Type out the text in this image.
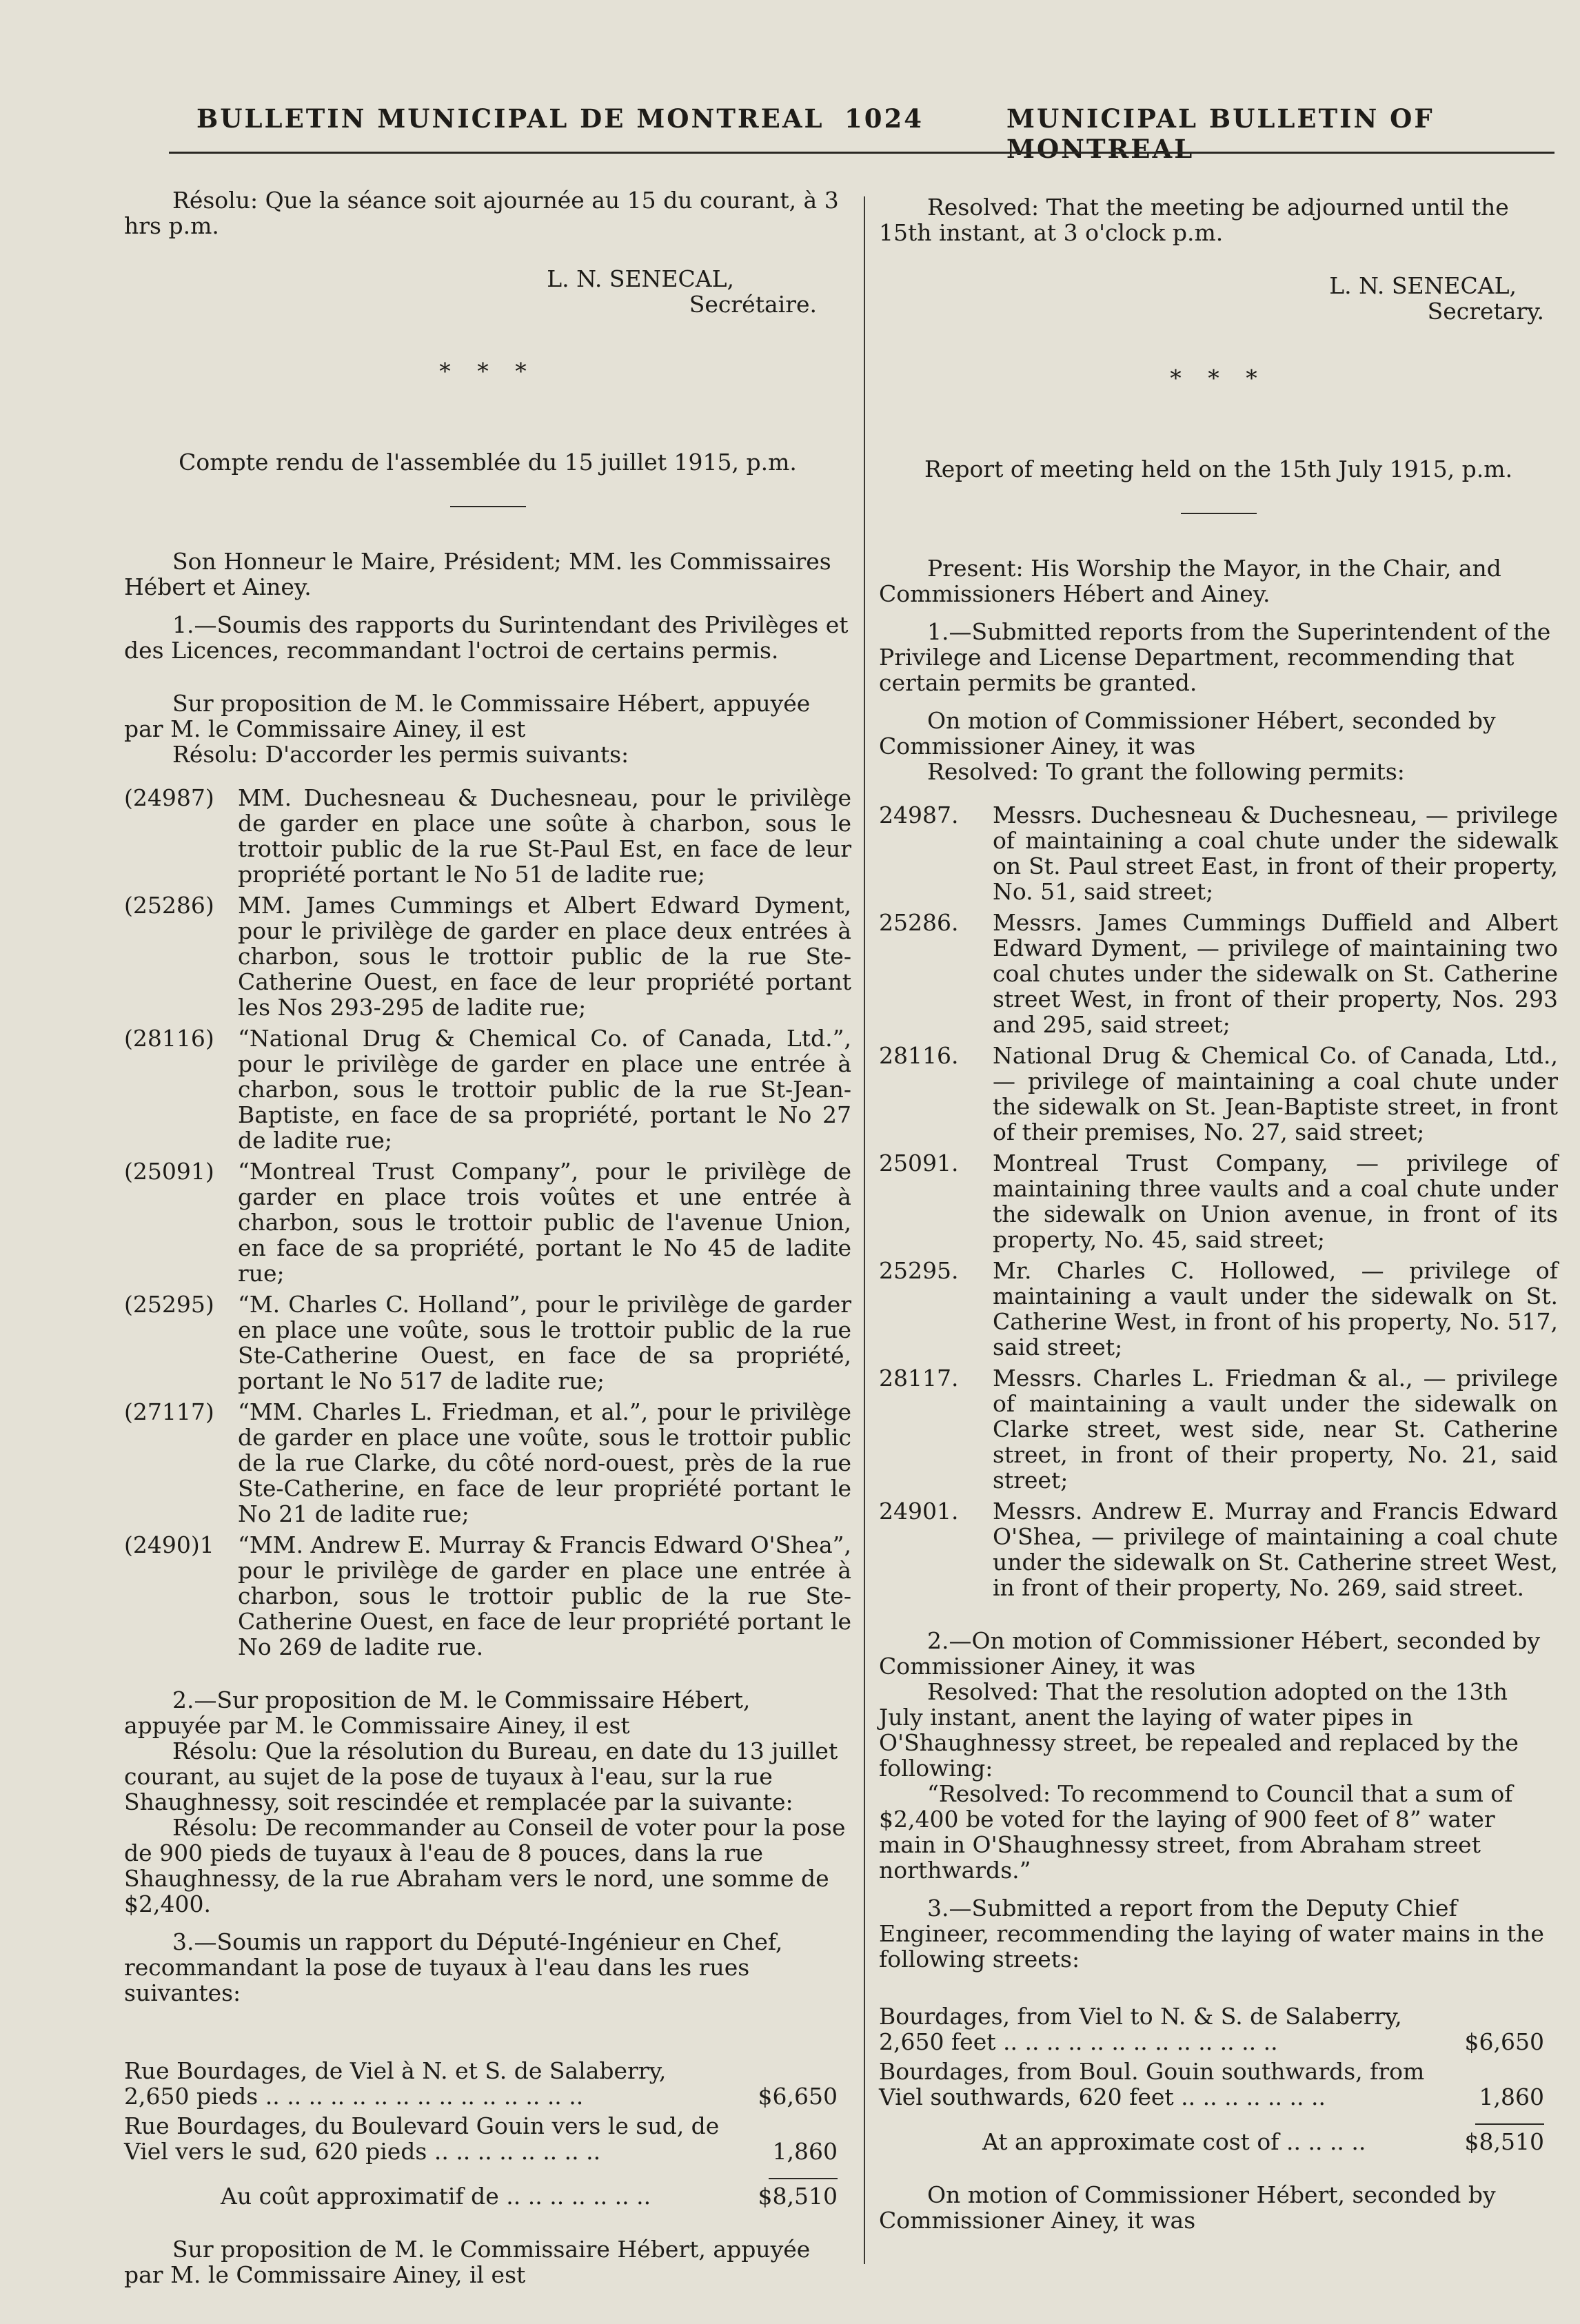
BULLETIN MUNICIPAL DE MONTREAL 1024	MUNICIPAL BULLETIN OF MONTREAL

Résolu: Que la séance soit ajournée au 15 du courant, à 3 hrs p.m.

L. N. SENECAL,

Secrétaire.

* * *

Compte rendu de l'assemblée du 15 juillet 1915, p.m.

Son Honneur le Maire, Président; MM. les Commissaires Hébert et Ainey.

1.—Soumis des rapports du Surintendant des Privilèges et des Licences, recommandant l'octroi de certains permis.

Sur proposition de M. le Commissaire Hébert, appuyée par M. le Commissaire Ainey, il est

Résolu: D'accorder les permis suivants:

(24987)	MM. Duchesneau & Duchesneau, pour le privilège de garder en place une soûte à charbon, sous le trottoir public de la rue St-Paul Est, en face de leur propriété portant le No 51 de ladite rue;
(25286)	MM. James Cummings et Albert Edward Dyment, pour le privilège de garder en place deux entrées à charbon, sous le trottoir public de la rue Ste-Catherine Ouest, en face de leur propriété portant les Nos 293-295 de ladite rue;
(28116)	“National Drug & Chemical Co. of Canada, Ltd.”, pour le privilège de garder en place une entrée à charbon, sous le trottoir public de la rue St-Jean-Baptiste, en face de sa propriété, portant le No 27 de ladite rue;
(25091)	“Montreal Trust Company”, pour le privilège de garder en place trois voûtes et une entrée à charbon, sous le trottoir public de l'avenue Union, en face de sa propriété, portant le No 45 de ladite rue;
(25295)	“M. Charles C. Holland”, pour le privilège de garder en place une voûte, sous le trottoir public de la rue Ste-Catherine Ouest, en face de sa propriété, portant le No 517 de ladite rue;
(27117)	“MM. Charles L. Friedman, et al.”, pour le privilège de garder en place une voûte, sous le trottoir public de la rue Clarke, du côté nord-ouest, près de la rue Ste-Catherine, en face de leur propriété portant le No 21 de ladite rue;
(2490)1	“MM. Andrew E. Murray & Francis Edward O'Shea”, pour le privilège de garder en place une entrée à charbon, sous le trottoir public de la rue Ste-Catherine Ouest, en face de leur propriété portant le No 269 de ladite rue.

2.—Sur proposition de M. le Commissaire Hébert, appuyée par M. le Commissaire Ainey, il est

Résolu: Que la résolution du Bureau, en date du 13 juillet courant, au sujet de la pose de tuyaux à l'eau, sur la rue Shaughnessy, soit rescindée et remplacée par la suivante:

Résolu: De recommander au Conseil de voter pour la pose de 900 pieds de tuyaux à l'eau de 8 pouces, dans la rue Shaughnessy, de la rue Abraham vers le nord, une somme de $2,400.

3.—Soumis un rapport du Député-Ingénieur en Chef, recommandant la pose de tuyaux à l'eau dans les rues suivantes:

Rue Bourdages, de Viel à N. et S. de Salaberry, 2,650 pieds .. .. .. .. .. .. .. .. .. .. .. .. .. .. ..	$6,650
Rue Bourdages, du Boulevard Gouin vers le sud, de Viel vers le sud, 620 pieds .. .. .. .. .. .. .. ..	1,860
Au coût approximatif de .. .. .. .. .. .. ..	$8,510

Sur proposition de M. le Commissaire Hébert, appuyée par M. le Commissaire Ainey, il est

Resolved: That the meeting be adjourned until the 15th instant, at 3 o'clock p.m.

L. N. SENECAL,

Secretary.

* * *

Report of meeting held on the 15th July 1915, p.m.

Present: His Worship the Mayor, in the Chair, and Commissioners Hébert and Ainey.

1.—Submitted reports from the Superintendent of the Privilege and License Department, recommending that certain permits be granted.

On motion of Commissioner Hébert, seconded by Commissioner Ainey, it was

Resolved: To grant the following permits:

24987.	Messrs. Duchesneau & Duchesneau, — privilege of maintaining a coal chute under the sidewalk on St. Paul street East, in front of their property, No. 51, said street;
25286.	Messrs. James Cummings Duffield and Albert Edward Dyment, — privilege of maintaining two coal chutes under the sidewalk on St. Catherine street West, in front of their property, Nos. 293 and 295, said street;
28116.	National Drug & Chemical Co. of Canada, Ltd.,— privilege of maintaining a coal chute under the sidewalk on St. Jean-Baptiste street, in front of their premises, No. 27, said street;
25091.	Montreal Trust Company, — privilege of maintaining three vaults and a coal chute under the sidewalk on Union avenue, in front of its property, No. 45, said street;
25295.	Mr. Charles C. Hollowed, — privilege of maintaining a vault under the sidewalk on St. Catherine West, in front of his property, No. 517, said street;
28117.	Messrs. Charles L. Friedman & al., — privilege of maintaining a vault under the sidewalk on Clarke street, west side, near St. Catherine street, in front of their property, No. 21, said street;
24901.	Messrs. Andrew E. Murray and Francis Edward O'Shea, — privilege of maintaining a coal chute under the sidewalk on St. Catherine street West, in front of their property, No. 269, said street.

2.—On motion of Commissioner Hébert, seconded by Commissioner Ainey, it was

Resolved: That the resolution adopted on the 13th July instant, anent the laying of water pipes in O'Shaughnessy street, be repealed and replaced by the following:

“Resolved: To recommend to Council that a sum of $2,400 be voted for the laying of 900 feet of 8” water main in O'Shaughnessy street, from Abraham street northwards.”

3.—Submitted a report from the Deputy Chief Engineer, recommending the laying of water mains in the following streets:

Bourdages, from Viel to N. & S. de Salaberry, 2,650 feet .. .. .. .. .. .. .. .. .. .. .. .. ..	$6,650
Bourdages, from Boul. Gouin southwards, from Viel southwards, 620 feet .. .. .. .. .. .. ..	1,860
At an approximate cost of .. .. .. ..	$8,510

On motion of Commissioner Hébert, seconded by Commissioner Ainey, it was
